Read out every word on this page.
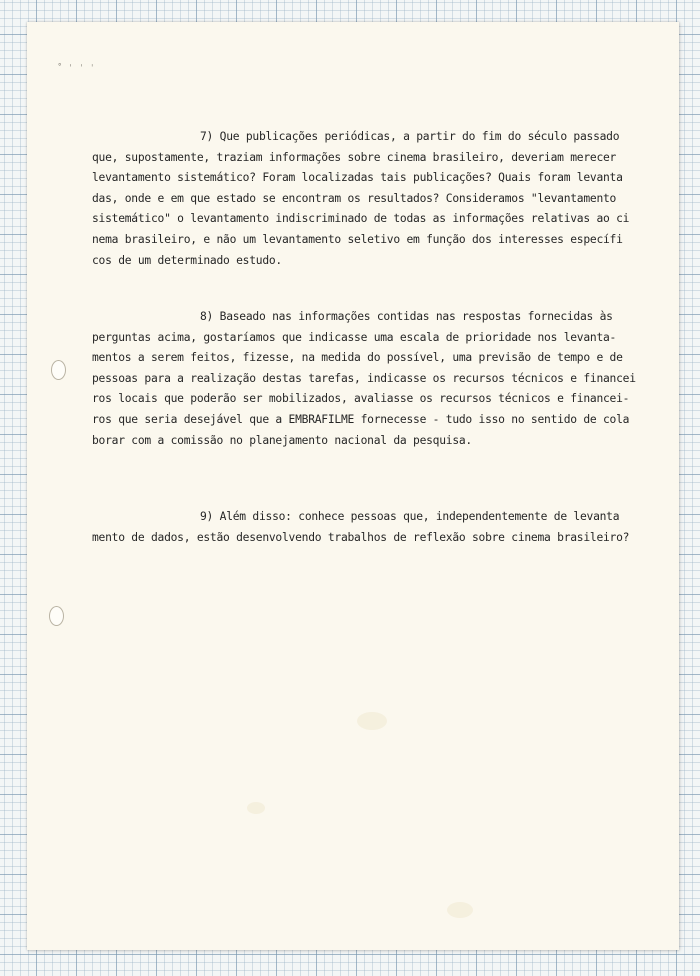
˚ ˈ ˈ ˈ

7) Que publicações periódicas, a partir do fim do século passado
que, supostamente, traziam informações sobre cinema brasileiro, deveriam merecer
levantamento sistemático? Foram localizadas tais publicações? Quais foram levanta
das, onde e em que estado se encontram os resultados? Consideramos "levantamento
sistemático" o levantamento indiscriminado de todas as informações relativas ao ci
nema brasileiro, e não um levantamento seletivo em função dos interesses específi
cos de um determinado estudo.

8) Baseado nas informações contidas nas respostas fornecidas às
perguntas acima, gostaríamos que indicasse uma escala de prioridade nos levanta-
mentos a serem feitos, fizesse, na medida do possível, uma previsão de tempo e de
pessoas para a realização destas tarefas, indicasse os recursos técnicos e financei
ros locais que poderão ser mobilizados, avaliasse os recursos técnicos e financei-
ros que seria desejável que a EMBRAFILME fornecesse - tudo isso no sentido de cola
borar com a comissão no planejamento nacional da pesquisa.

9) Além disso: conhece pessoas que, independentemente de levanta
mento de dados, estão desenvolvendo trabalhos de reflexão sobre cinema brasileiro?
